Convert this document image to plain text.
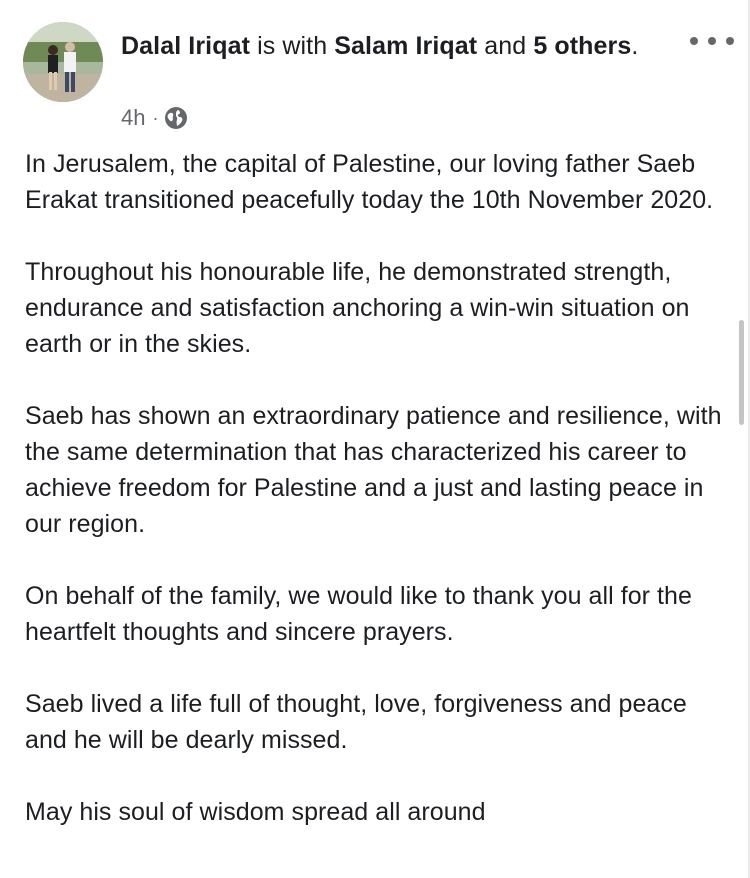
Dalal Iriqat is with Salam Iriqat and 5 others.
4h ·

In Jerusalem, the capital of Palestine, our loving father Saeb Erakat transitioned peacefully today the 10th November 2020.

Throughout his honourable life, he demonstrated strength, endurance and satisfaction anchoring a win-win situation on earth or in the skies.

Saeb has shown an extraordinary patience and resilience, with the same determination that has characterized his career to achieve freedom for Palestine and a just and lasting peace in our region.

On behalf of the family, we would like to thank you all for the heartfelt thoughts and sincere prayers.

Saeb lived a life full of thought, love, forgiveness and peace and he will be dearly missed.

May his soul of wisdom spread all around
